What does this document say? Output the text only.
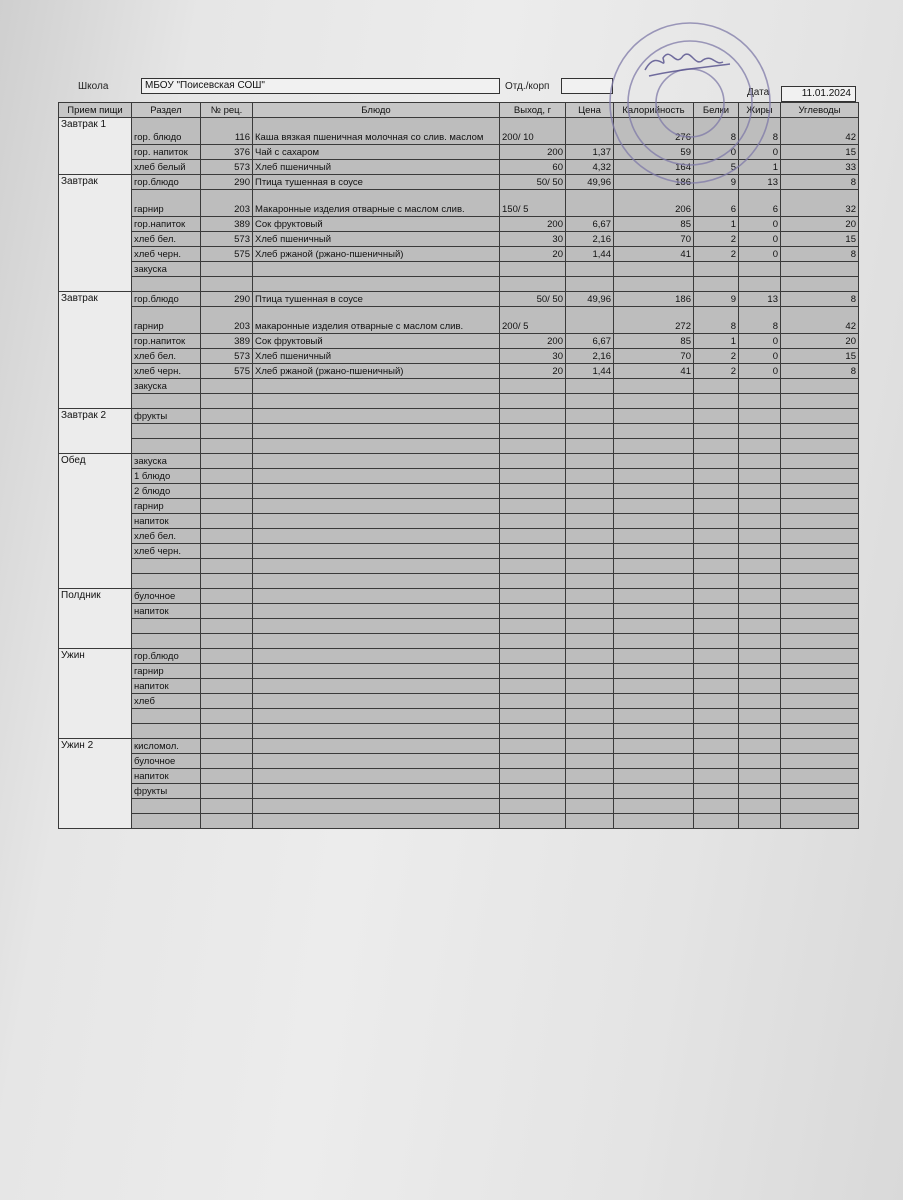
Школа	МБОУ "Поисевская СОШ"	Отд./корп
Дата	11.01.2024
Прием пищи	Раздел	№ рец.	Блюдо	Выход, г	Цена	Калорийность	Белки	Жиры	Углеводы
Завтрак 1	гор. блюдо	116	Каша вязкая пшеничная молочная со слив. маслом	200/ 10		276	8	8	42
	гор. напиток	376	Чай с сахаром	200	1,37	59	0	0	15
	хлеб белый	573	Хлеб пшеничный	60	4,32	164	5	1	33
Завтрак	гор.блюдо	290	Птица тушенная в соусе	50/ 50	49,96	186	9	13	8
	гарнир	203	Макаронные изделия отварные с маслом слив.	150/ 5		206	6	6	32
	гор.напиток	389	Сок фруктовый	200	6,67	85	1	0	20
	хлеб бел.	573	Хлеб пшеничный	30	2,16	70	2	0	15
	хлеб черн.	575	Хлеб ржаной (ржано-пшеничный)	20	1,44	41	2	0	8
	закуска								

Завтрак	гор.блюдо	290	Птица тушенная в соусе	50/ 50	49,96	186	9	13	8
	гарнир	203	макаронные изделия отварные с маслом слив.	200/ 5		272	8	8	42
	гор.напиток	389	Сок фруктовый	200	6,67	85	1	0	20
	хлеб бел.	573	Хлеб пшеничный	30	2,16	70	2	0	15
	хлеб черн.	575	Хлеб ржаной (ржано-пшеничный)	20	1,44	41	2	0	8
	закуска								

Завтрак 2	фрукты								

Обед	закуска								
	1 блюдо								
	2 блюдо								
	гарнир								
	напиток								
	хлеб бел.								
	хлеб черн.								

Полдник	булочное								
	напиток								

Ужин	гор.блюдо								
	гарнир								
	напиток								
	хлеб								

Ужин 2	кисломол.								
	булочное								
	напиток								
	фрукты								
